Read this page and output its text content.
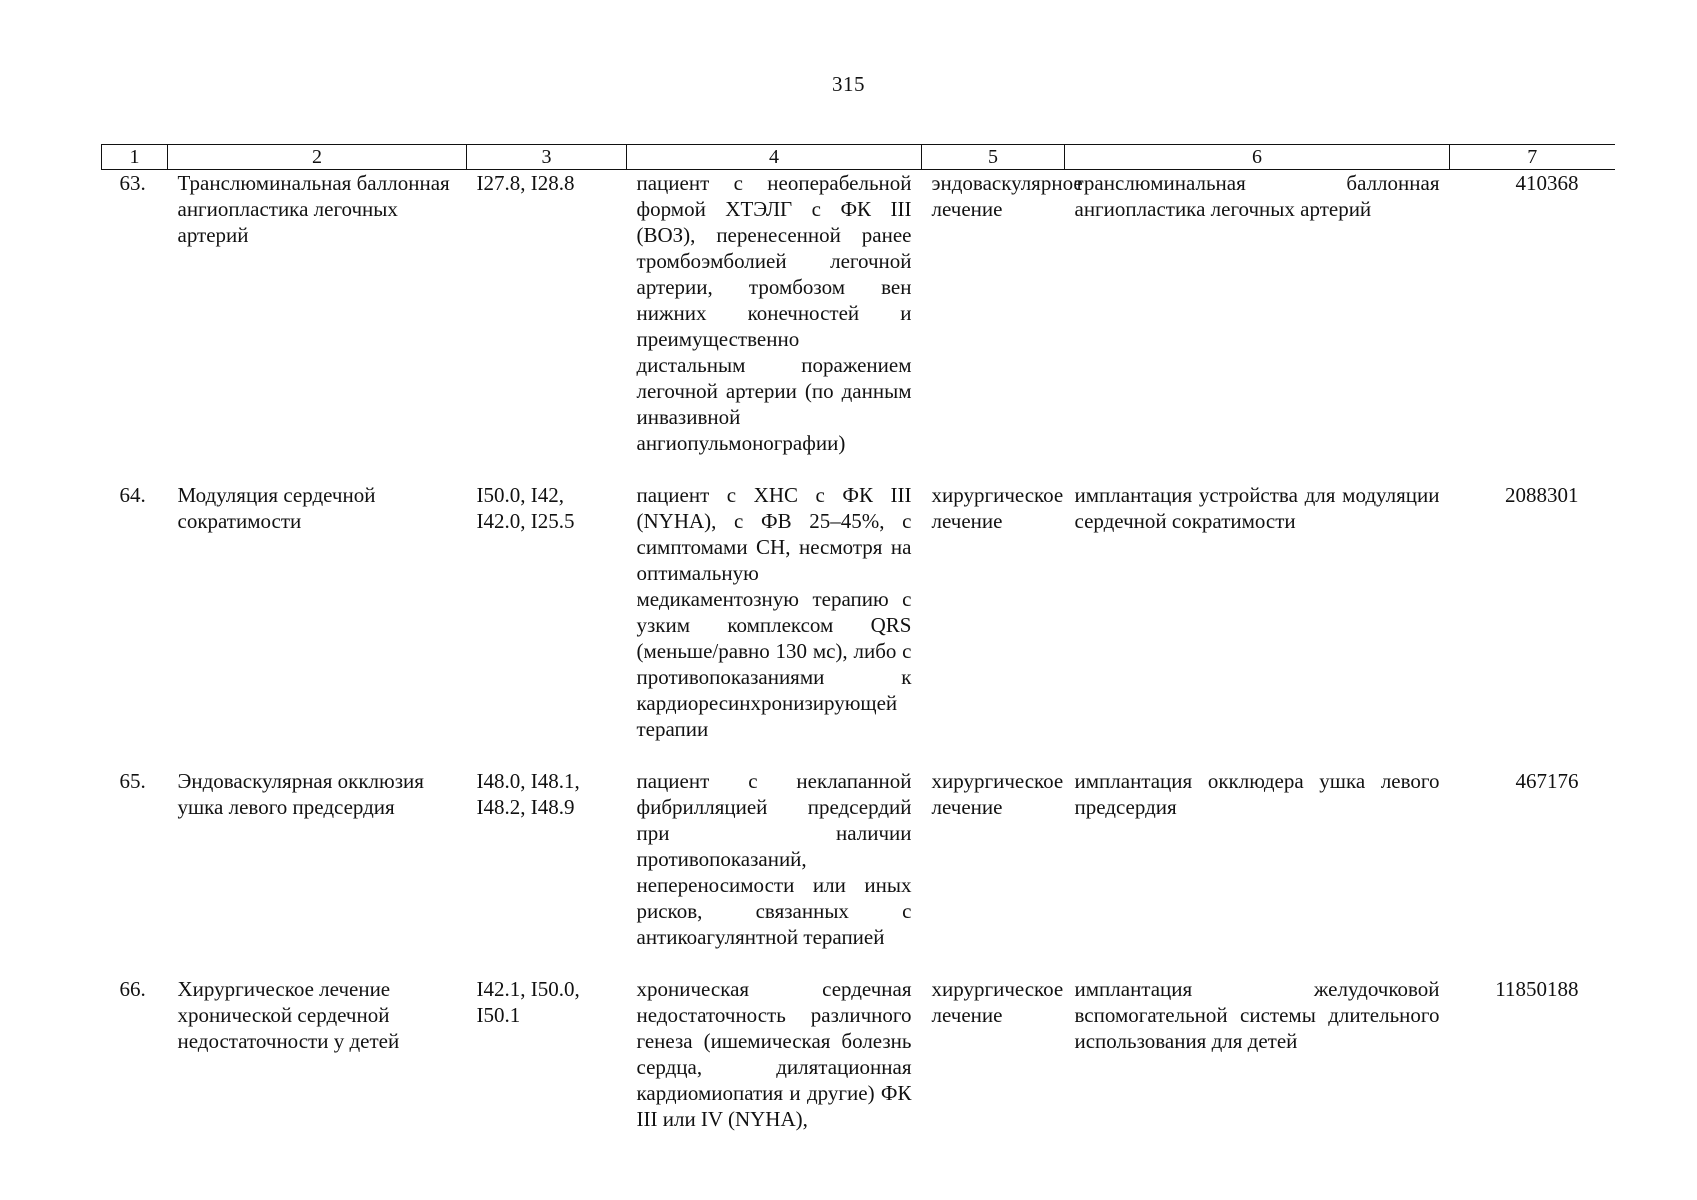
315
1	2	3	4	5	6	7
63.	Транслюминальная баллонная ангиопластика легочных артерий	I27.8, I28.8	пациент с неоперабельной формой ХТЭЛГ с ФК III (ВОЗ), перенесенной ранее тромбоэмболией легочной артерии, тромбозом вен нижних конечностей и преимущественно дистальным поражением легочной артерии (по данным инвазивной ангиопульмонографии)	эндоваскулярное лечение	транслюминальная баллонная ангиопластика легочных артерий	410368
64.	Модуляция сердечной сократимости	I50.0, I42, I42.0, I25.5	пациент с ХНС с ФК III (NYHA), с ФВ 25–45%, с симптомами СН, несмотря на оптимальную медикаментозную терапию с узким комплексом QRS (меньше/равно 130 мс), либо с противопоказаниями к кардиоресинхронизирующей терапии	хирургическое лечение	имплантация устройства для модуляции сердечной сократимости	2088301
65.	Эндоваскулярная окклюзия ушка левого предсердия	I48.0, I48.1, I48.2, I48.9	пациент с неклапанной фибрилляцией предсердий при наличии противопоказаний, непереносимости или иных рисков, связанных с антикоагулянтной терапией	хирургическое лечение	имплантация окклюдера ушка левого предсердия	467176
66.	Хирургическое лечение хронической сердечной недостаточности у детей	I42.1, I50.0, I50.1	хроническая сердечная недостаточность различного генеза (ишемическая болезнь сердца, дилятационная кардиомиопатия и другие) ФК III или IV (NYHA),	хирургическое лечение	имплантация желудочковой вспомогательной системы длительного использования для детей	11850188
